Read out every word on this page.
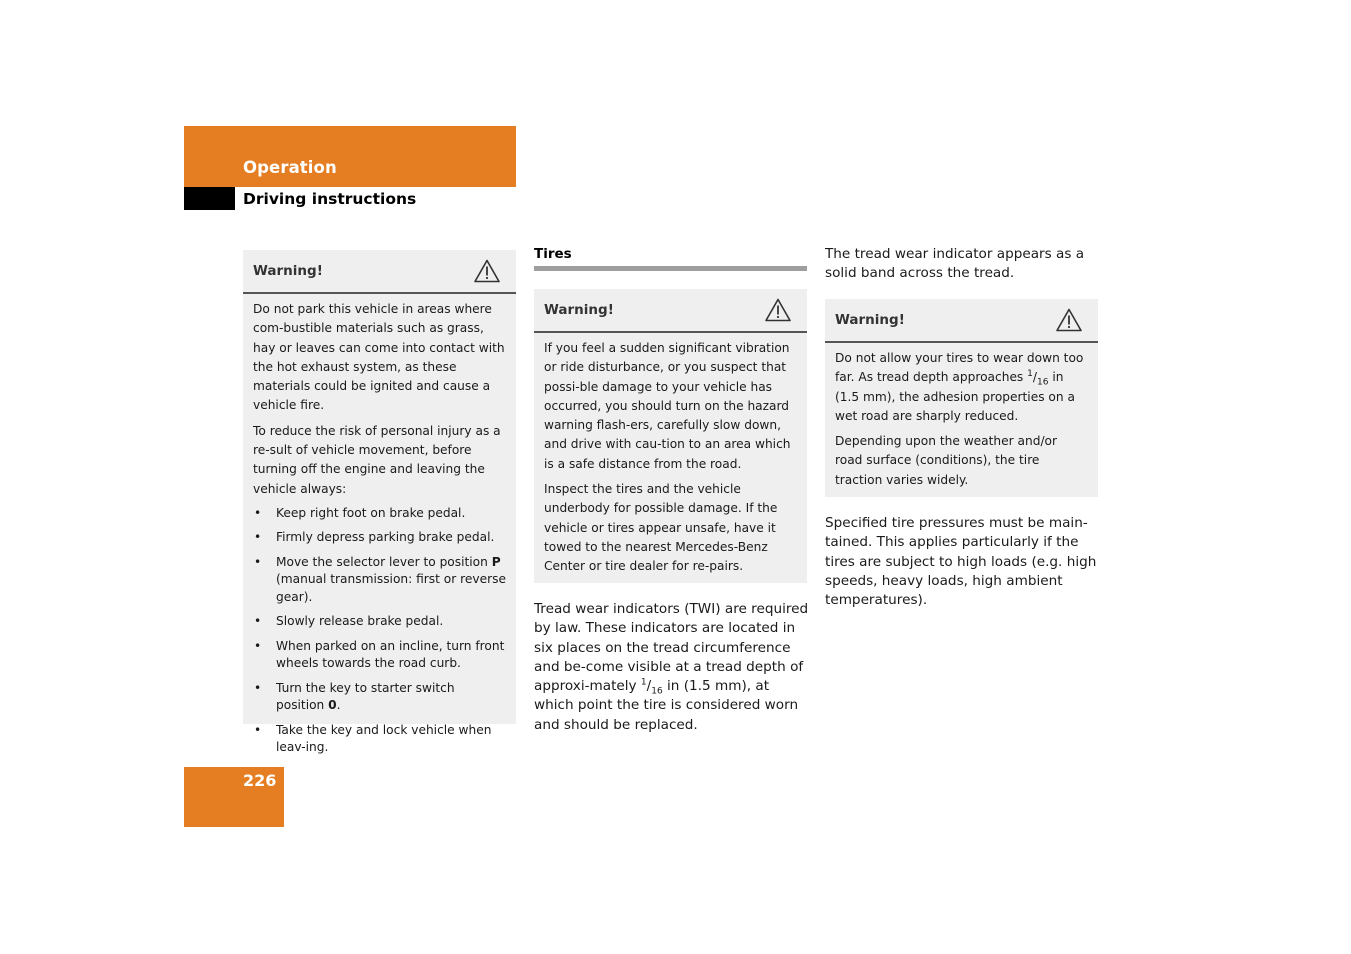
Operation
Driving instructions
Warning!

Do not park this vehicle in areas where com-bustible materials such as grass, hay or leaves can come into contact with the hot exhaust system, as these materials could be ignited and cause a vehicle fire.

To reduce the risk of personal injury as a re-sult of vehicle movement, before turning off the engine and leaving the vehicle always:

• Keep right foot on brake pedal.
• Firmly depress parking brake pedal.
• Move the selector lever to position P (manual transmission: first or reverse gear).
• Slowly release brake pedal.
• When parked on an incline, turn front wheels towards the road curb.
• Turn the key to starter switch position 0.
• Take the key and lock vehicle when leav-ing.
Tires
Warning!

If you feel a sudden significant vibration or ride disturbance, or you suspect that possi-ble damage to your vehicle has occurred, you should turn on the hazard warning flash-ers, carefully slow down, and drive with cau-tion to an area which is a safe distance from the road.

Inspect the tires and the vehicle underbody for possible damage. If the vehicle or tires appear unsafe, have it towed to the nearest Mercedes-Benz Center or tire dealer for re-pairs.

Tread wear indicators (TWI) are required by law. These indicators are located in six places on the tread circumference and be-come visible at a tread depth of approxi-mately $^1/_{16}$ in (1.5 mm), at which point the tire is considered worn and should be replaced.
The tread wear indicator appears as a solid band across the tread.
Warning!

Do not allow your tires to wear down too far. As tread depth approaches $^1/_{16}$ in (1.5 mm), the adhesion properties on a wet road are sharply reduced.

Depending upon the weather and/or road surface (conditions), the tire traction varies widely.

Specified tire pressures must be main-tained. This applies particularly if the tires are subject to high loads (e.g. high speeds, heavy loads, high ambient temperatures).
226
